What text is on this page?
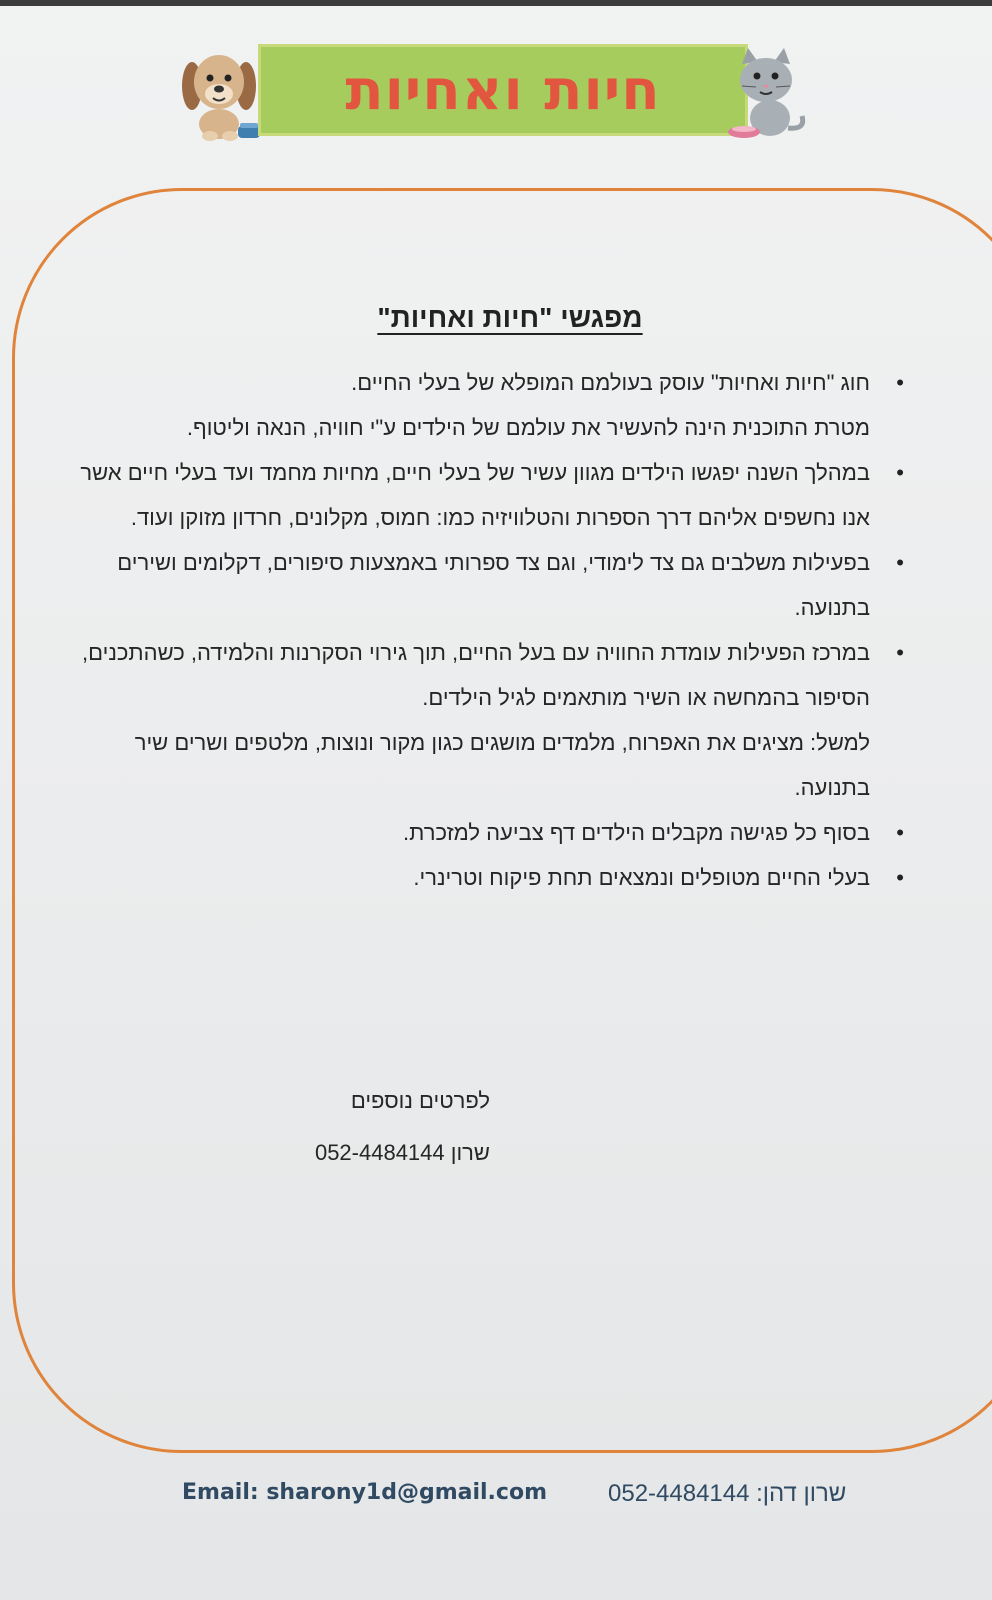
חיות ואחיות
מפגשי "חיות ואחיות"

• חוג "חיות ואחיות" עוסק בעולמם המופלא של בעלי החיים.

מטרת התוכנית הינה להעשיר את עולמם של הילדים ע"י חוויה, הנאה וליטוף.

• במהלך השנה יפגשו הילדים מגוון עשיר של בעלי חיים, מחיות מחמד ועד בעלי חיים אשר אנו נחשפים אליהם דרך הספרות והטלוויזיה כמו: חמוס, מקלונים, חרדון מזוקן ועוד.

• בפעילות משלבים גם צד לימודי, וגם צד ספרותי באמצעות סיפורים, דקלומים ושירים בתנועה.

• במרכז הפעילות עומדת החוויה עם בעל החיים, תוך גירוי הסקרנות והלמידה, כשהתכנים, הסיפור בהמחשה או השיר מותאמים לגיל הילדים.

למשל: מציגים את האפרוח, מלמדים מושגים כגון מקור ונוצות, מלטפים ושרים שיר בתנועה.

• בסוף כל פגישה מקבלים הילדים דף צביעה למזכרת.

• בעלי החיים מטופלים ונמצאים תחת פיקוח וטרינרי.

לפרטים נוספים
שרון 052-4484144
Email: sharony1d@gmail.com	שרון דהן: 052-4484144
